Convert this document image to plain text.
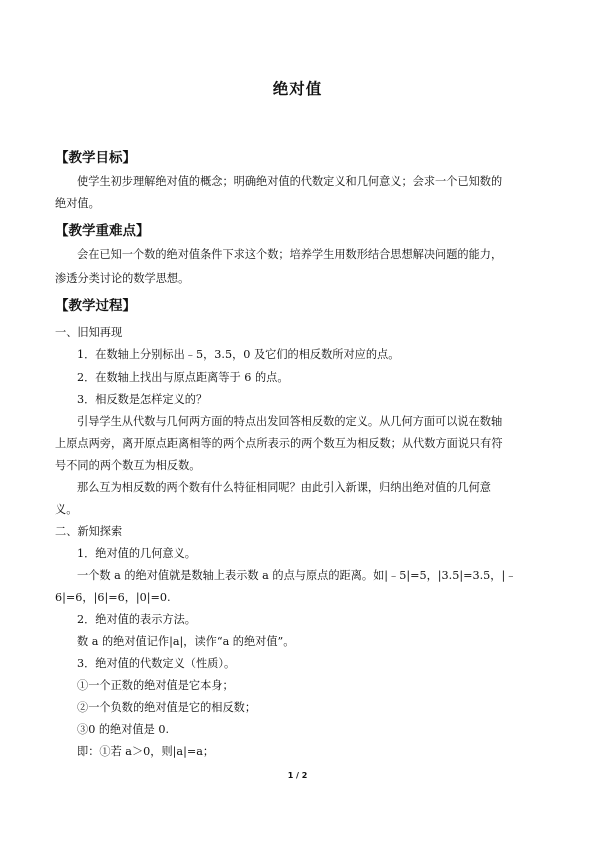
绝对值
【教学目标】
使学生初步理解绝对值的概念；明确绝对值的代数定义和几何意义；会求一个已知数的
绝对值。
【教学重难点】
会在已知一个数的绝对值条件下求这个数；培养学生用数形结合思想解决问题的能力，
渗透分类讨论的数学思想。
【教学过程】
一、旧知再现
1．在数轴上分别标出﹣5，3.5，0 及它们的相反数所对应的点。
2．在数轴上找出与原点距离等于 6 的点。
3．相反数是怎样定义的？
引导学生从代数与几何两方面的特点出发回答相反数的定义。从几何方面可以说在数轴
上原点两旁，离开原点距离相等的两个点所表示的两个数互为相反数；从代数方面说只有符
号不同的两个数互为相反数。
那么互为相反数的两个数有什么特征相同呢？由此引入新课，归纳出绝对值的几何意
义。
二、新知探索
1．绝对值的几何意义。
一个数 a 的绝对值就是数轴上表示数 a 的点与原点的距离。如|﹣5|=5，|3.5|=3.5，|﹣
6|=6，|6|=6，|0|=0.
2．绝对值的表示方法。
数 a 的绝对值记作|a|，读作“a 的绝对值”。
3．绝对值的代数定义（性质）。
①一个正数的绝对值是它本身；
②一个负数的绝对值是它的相反数；
③0 的绝对值是 0.
即：①若 a＞0，则|a|=a；
1 / 2
